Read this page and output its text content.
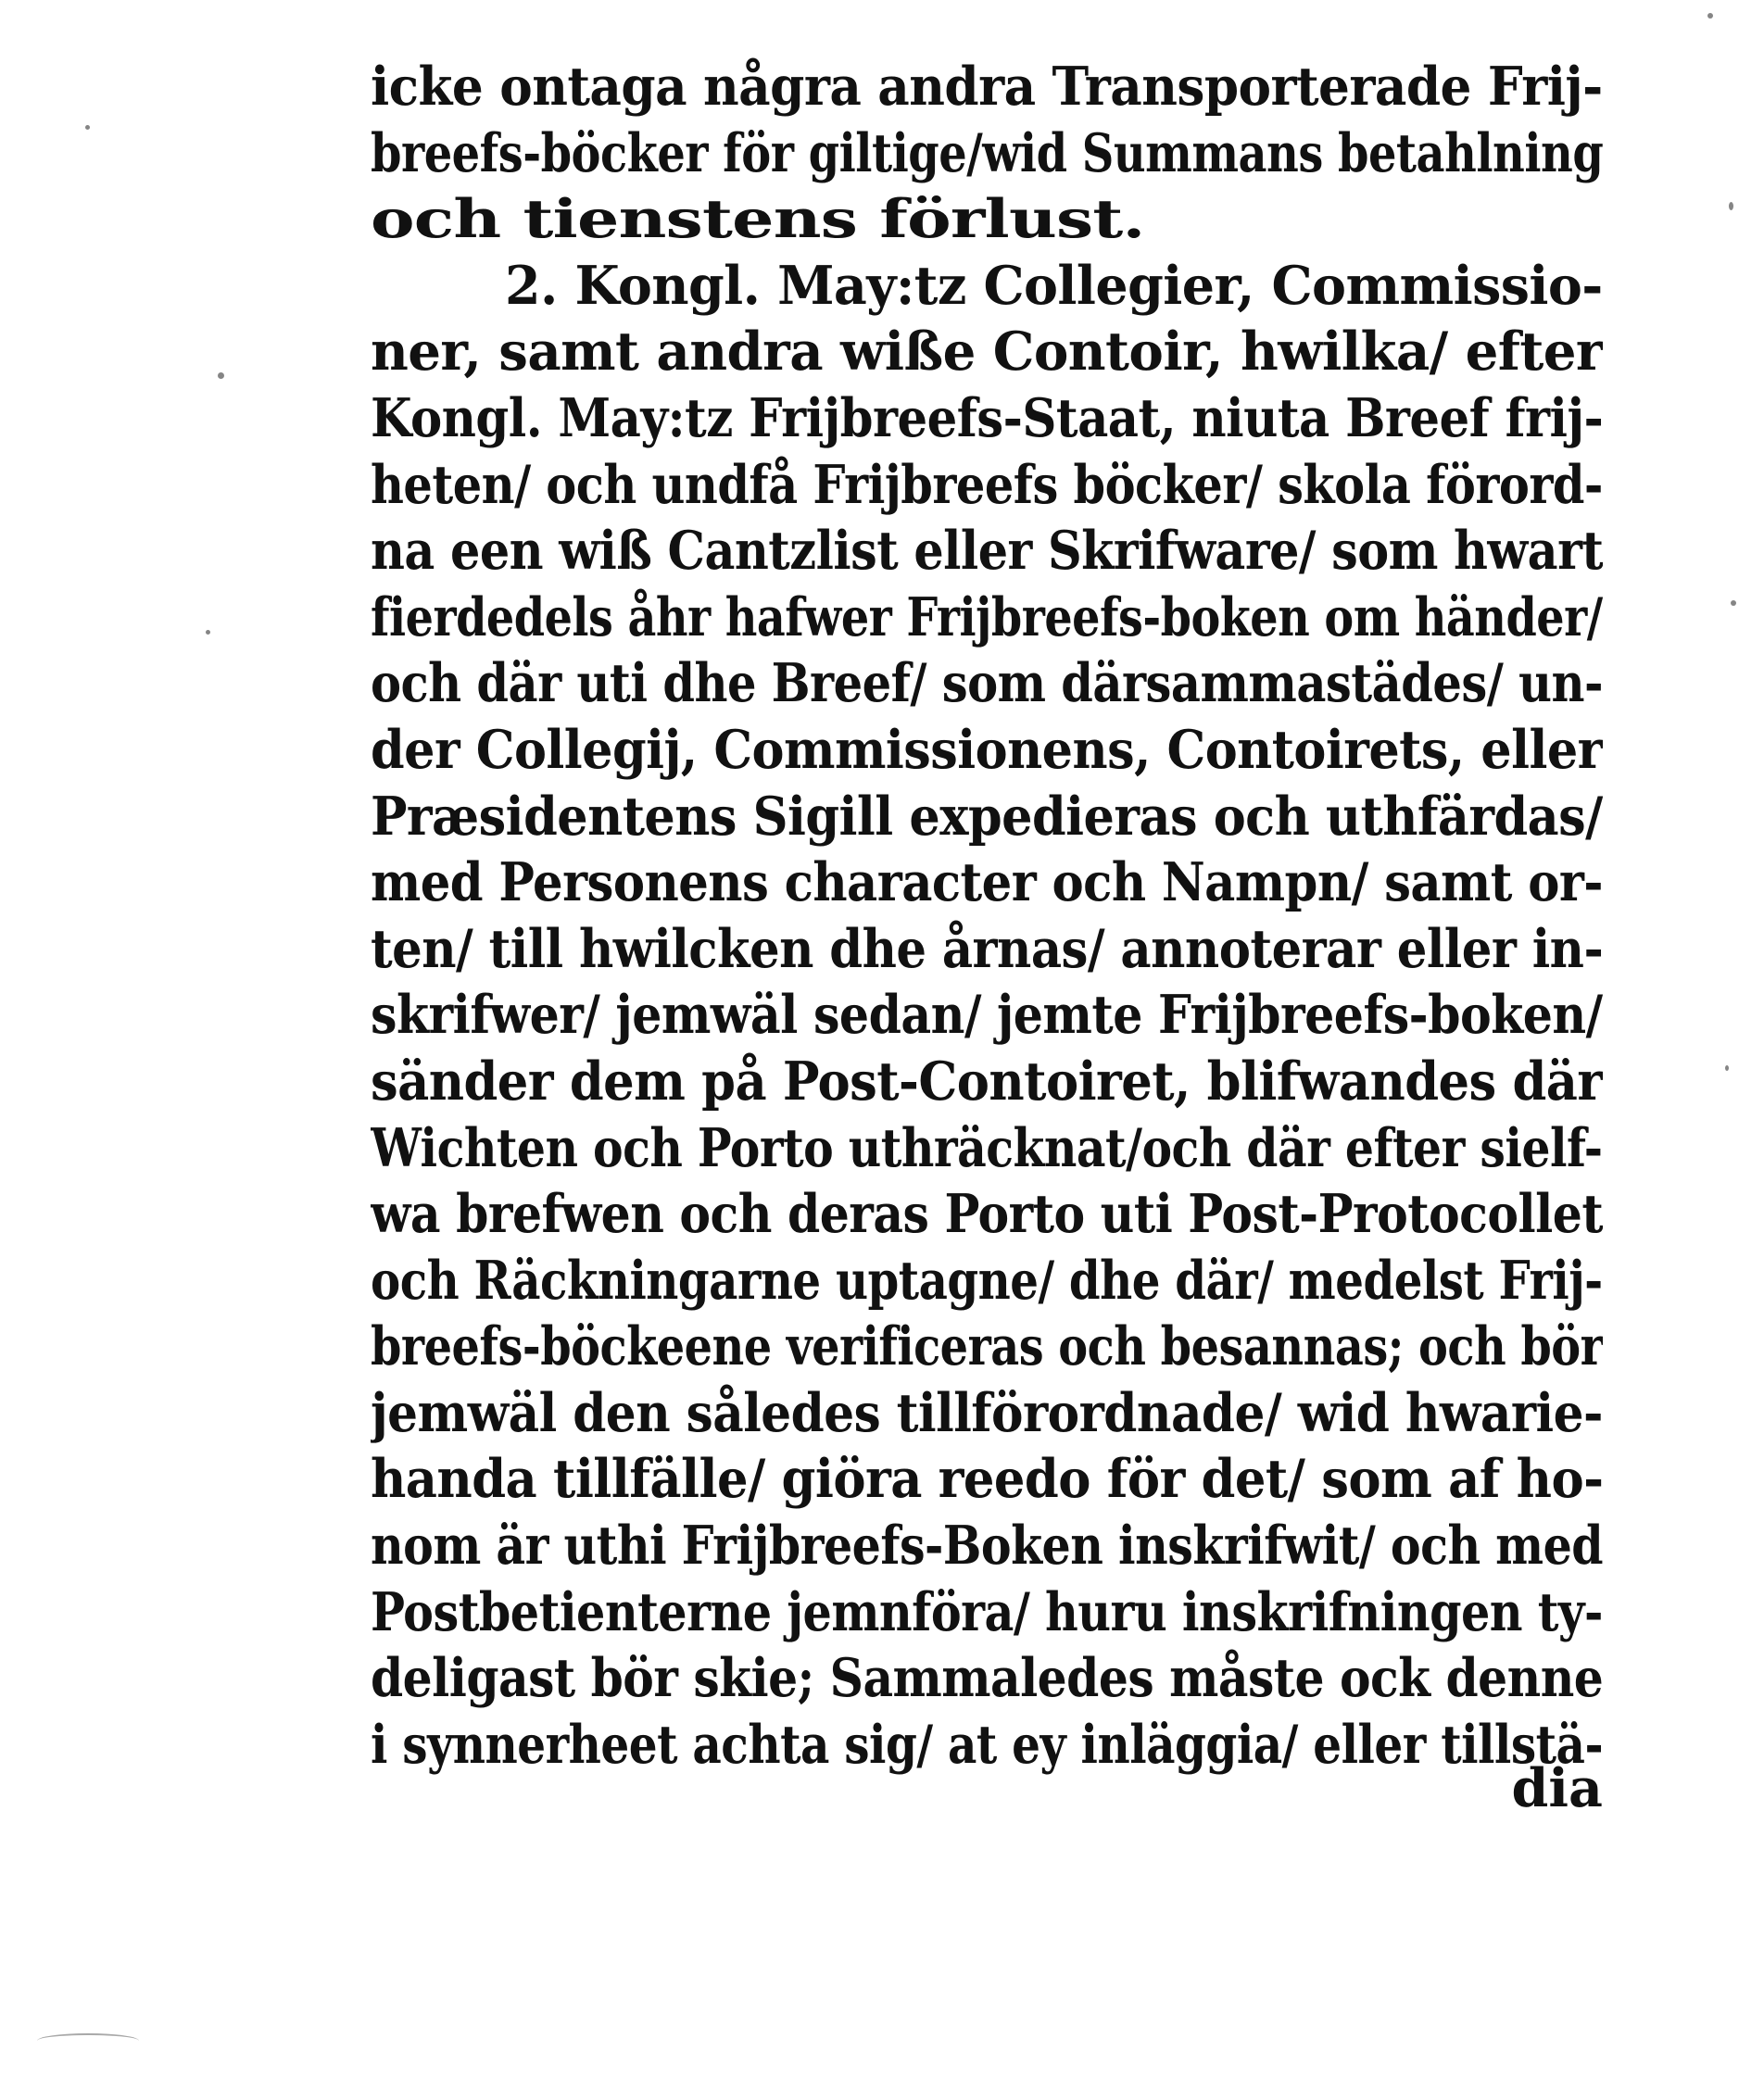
icke ontaga några andra Transporterade Frij-
breefs-böcker för giltige/wid Summans betahlning
och tienstens förlust.
2. Kongl. May:tz Collegier, Commissio-
ner, samt andra wiße Contoir, hwilka/ efter
Kongl. May:tz Frijbreefs-Staat, niuta Breef frij-
heten/ och undfå Frijbreefs böcker/ skola förord-
na een wiß Cantzlist eller Skrifware/ som hwart
fierdedels åhr hafwer Frijbreefs-boken om händer/
och där uti dhe Breef/ som därsammastädes/ un-
der Collegij, Commissionens, Contoirets, eller
Præsidentens Sigill expedieras och uthfärdas/
med Personens character och Nampn/ samt or-
ten/ till hwilcken dhe årnas/ annoterar eller in-
skrifwer/ jemwäl sedan/ jemte Frijbreefs-boken/
sänder dem på Post-Contoiret, blifwandes där
Wichten och Porto uthräcknat/och där efter sielf-
wa brefwen och deras Porto uti Post-Protocollet
och Räckningarne uptagne/ dhe där/ medelst Frij-
breefs-böckeene verificeras och besannas; och bör
jemwäl den således tillförordnade/ wid hwarie-
handa tillfälle/ giöra reedo för det/ som af ho-
nom är uthi Frijbreefs-Boken inskrifwit/ och med
Postbetienterne jemnföra/ huru inskrifningen ty-
deligast bör skie; Sammaledes måste ock denne
i synnerheet achta sig/ at ey inläggia/ eller tillstä-
dia
